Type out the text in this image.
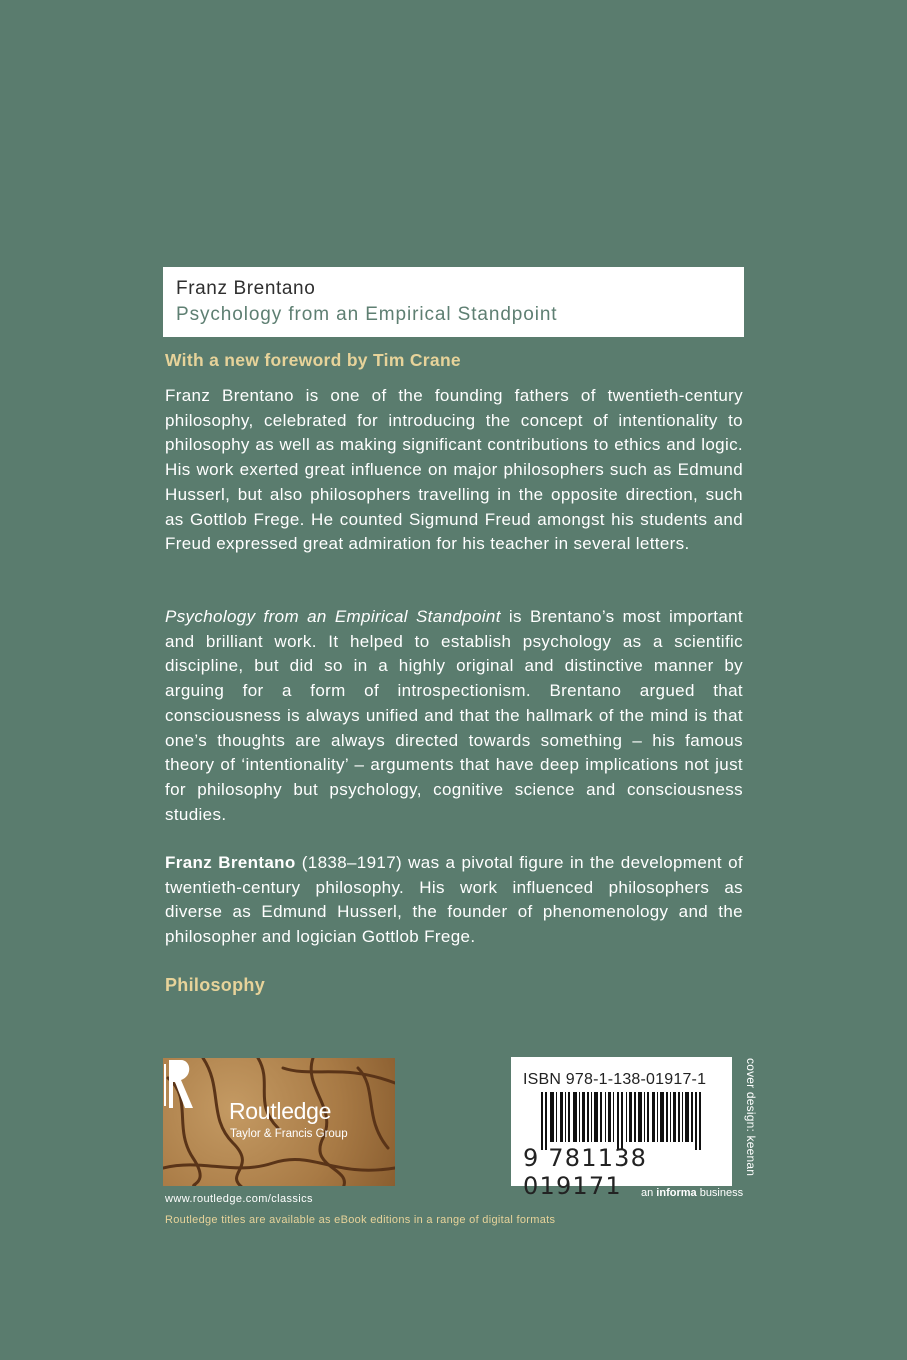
Franz Brentano
Psychology from an Empirical Standpoint
With a new foreword by Tim Crane

Franz Brentano is one of the founding fathers of twentieth-century philosophy, celebrated for introducing the concept of intentionality to philosophy as well as making significant contributions to ethics and logic. His work exerted great influence on major philosophers such as Edmund Husserl, but also philosophers travelling in the opposite direction, such as Gottlob Frege. He counted Sigmund Freud amongst his students and Freud expressed great admiration for his teacher in several letters.

Psychology from an Empirical Standpoint is Brentano’s most important and brilliant work. It helped to establish psychology as a scientific discipline, but did so in a highly original and distinctive manner by arguing for a form of introspectionism. Brentano argued that consciousness is always unified and that the hallmark of the mind is that one’s thoughts are always directed towards something – his famous theory of ‘intentionality’ – arguments that have deep implications not just for philosophy but psychology, cognitive science and consciousness studies.

Franz Brentano (1838–1917) was a pivotal figure in the development of twentieth-century philosophy. His work influenced philosophers as diverse as Edmund Husserl, the founder of phenomenology and the philosopher and logician Gottlob Frege.

Philosophy
Routledge
Taylor & Francis Group
www.routledge.com/classics
Routledge titles are available as eBook editions in a range of digital formats
ISBN 978-1-138-01917-1
9 781138 019171	an informa business
cover design: keenan
